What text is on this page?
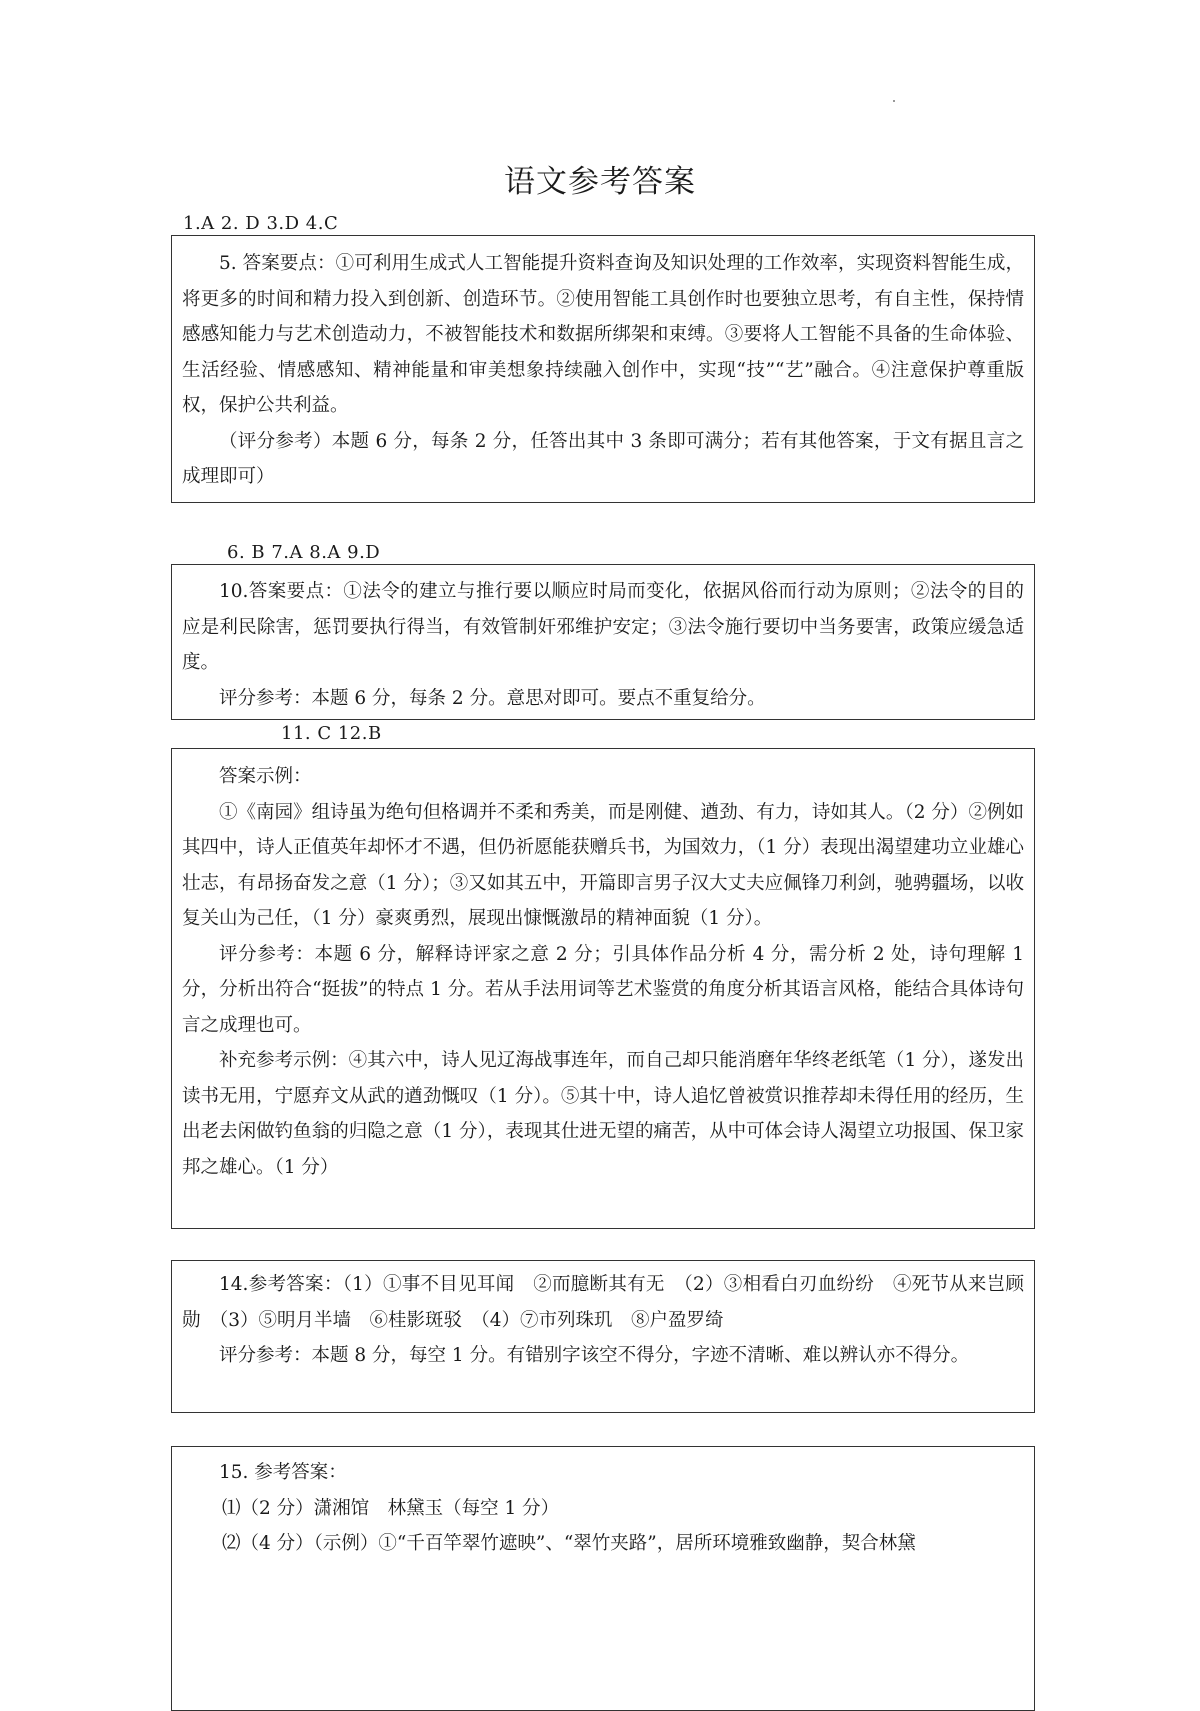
语文参考答案
1.A 2. D 3.D 4.C

5. 答案要点：①可利用生成式人工智能提升资料查询及知识处理的工作效率，实现资料智能生成，将更多的时间和精力投入到创新、创造环节。②使用智能工具创作时也要独立思考，有自主性，保持情感感知能力与艺术创造动力，不被智能技术和数据所绑架和束缚。③要将人工智能不具备的生命体验、生活经验、情感感知、精神能量和审美想象持续融入创作中，实现“技”“艺”融合。④注意保护尊重版权，保护公共利益。

（评分参考）本题 6 分，每条 2 分，任答出其中 3 条即可满分；若有其他答案，于文有据且言之成理即可）

6. B 7.A 8.A 9.D

10.答案要点：①法令的建立与推行要以顺应时局而变化，依据风俗而行动为原则；②法令的目的应是利民除害，惩罚要执行得当，有效管制奸邪维护安定；③法令施行要切中当务要害，政策应缓急适度。

评分参考：本题 6 分，每条 2 分。意思对即可。要点不重复给分。

11. C 12.B

答案示例：

①《南园》组诗虽为绝句但格调并不柔和秀美，而是刚健、遒劲、有力，诗如其人。（2 分）②例如其四中，诗人正值英年却怀才不遇，但仍祈愿能获赠兵书，为国效力，（1 分）表现出渴望建功立业雄心壮志，有昂扬奋发之意（1 分）；③又如其五中，开篇即言男子汉大丈夫应佩锋刀利剑，驰骋疆场，以收复关山为己任，（1 分）豪爽勇烈，展现出慷慨激昂的精神面貌（1 分）。

评分参考：本题 6 分，解释诗评家之意 2 分；引具体作品分析 4 分，需分析 2 处，诗句理解 1 分，分析出符合“挺拔”的特点 1 分。若从手法用词等艺术鉴赏的角度分析其语言风格，能结合具体诗句言之成理也可。

补充参考示例：④其六中，诗人见辽海战事连年，而自己却只能消磨年华终老纸笔（1 分），遂发出读书无用，宁愿弃文从武的遒劲慨叹（1 分）。⑤其十中，诗人追忆曾被赏识推荐却未得任用的经历，生出老去闲做钓鱼翁的归隐之意（1 分），表现其仕进无望的痛苦，从中可体会诗人渴望立功报国、保卫家邦之雄心。（1 分）

14.参考答案：（1）①事不目见耳闻　②而臆断其有无　（2）③相看白刃血纷纷　④死节从来岂顾勋　（3）⑤明月半墙　⑥桂影斑驳　（4）⑦市列珠玑　⑧户盈罗绮

评分参考：本题 8 分，每空 1 分。有错别字该空不得分，字迹不清晰、难以辨认亦不得分。

15. 参考答案：

⑴（2 分）潇湘馆　林黛玉（每空 1 分）

⑵（4 分）（示例）①“千百竿翠竹遮映”、“翠竹夹路”，居所环境雅致幽静，契合林黛
